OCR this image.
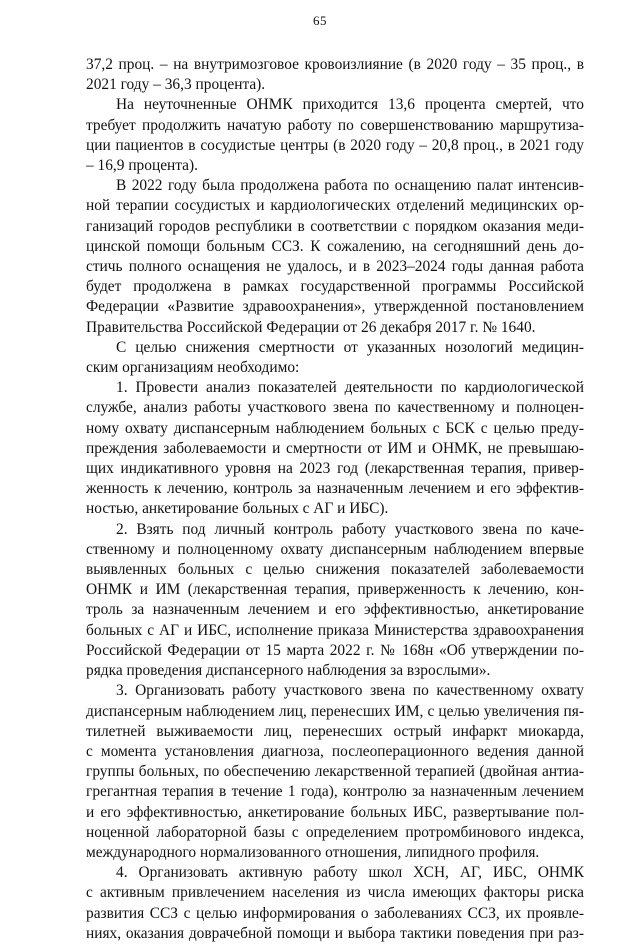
65
37,2 проц. – на внутримозговое кровоизлияние (в 2020 году – 35 проц., в
2021 году – 36,3 процента).
На неуточненные ОНМК приходится 13,6 процента смертей, что
требует продолжить начатую работу по совершенствованию маршрутиза-
ции пациентов в сосудистые центры (в 2020 году – 20,8 проц., в 2021 году
– 16,9 процента).
В 2022 году была продолжена работа по оснащению палат интенсив-
ной терапии сосудистых и кардиологических отделений медицинских ор-
ганизаций городов республики в соответствии с порядком оказания меди-
цинской помощи больным ССЗ. К сожалению, на сегодняшний день до-
стичь полного оснащения не удалось, и в 2023–2024 годы данная работа
будет продолжена в рамках государственной программы Российской
Федерации «Развитие здравоохранения», утвержденной постановлением
Правительства Российской Федерации от 26 декабря 2017 г. № 1640.
С целью снижения смертности от указанных нозологий медицин-
ским организациям необходимо:
1. Провести анализ показателей деятельности по кардиологической
службе, анализ работы участкового звена по качественному и полноцен-
ному охвату диспансерным наблюдением больных с БСК с целью преду-
преждения заболеваемости и смертности от ИМ и ОНМК, не превышаю-
щих индикативного уровня на 2023 год (лекарственная терапия, привер-
женность к лечению, контроль за назначенным лечением и его эффектив-
ностью, анкетирование больных с АГ и ИБС).
2. Взять под личный контроль работу участкового звена по каче-
ственному и полноценному охвату диспансерным наблюдением впервые
выявленных больных с целью снижения показателей заболеваемости
ОНМК и ИМ (лекарственная терапия, приверженность к лечению, кон-
троль за назначенным лечением и его эффективностью, анкетирование
больных с АГ и ИБС, исполнение приказа Министерства здравоохранения
Российской Федерации от 15 марта 2022 г. № 168н «Об утверждении по-
рядка проведения диспансерного наблюдения за взрослыми».
3. Организовать работу участкового звена по качественному охвату
диспансерным наблюдением лиц, перенесших ИМ, с целью увеличения пя-
тилетней выживаемости лиц, перенесших острый инфаркт миокарда,
с момента установления диагноза, послеоперационного ведения данной
группы больных, по обеспечению лекарственной терапией (двойная антиа-
грегантная терапия в течение 1 года), контролю за назначенным лечением
и его эффективностью, анкетирование больных ИБС, развертывание пол-
ноценной лабораторной базы с определением протромбинового индекса,
международного нормализованного отношения, липидного профиля.
4. Организовать активную работу школ ХСН, АГ, ИБС, ОНМК
с активным привлечением населения из числа имеющих факторы риска
развития ССЗ с целью информирования о заболеваниях ССЗ, их проявле-
ниях, оказания доврачебной помощи и выбора тактики поведения при раз-
